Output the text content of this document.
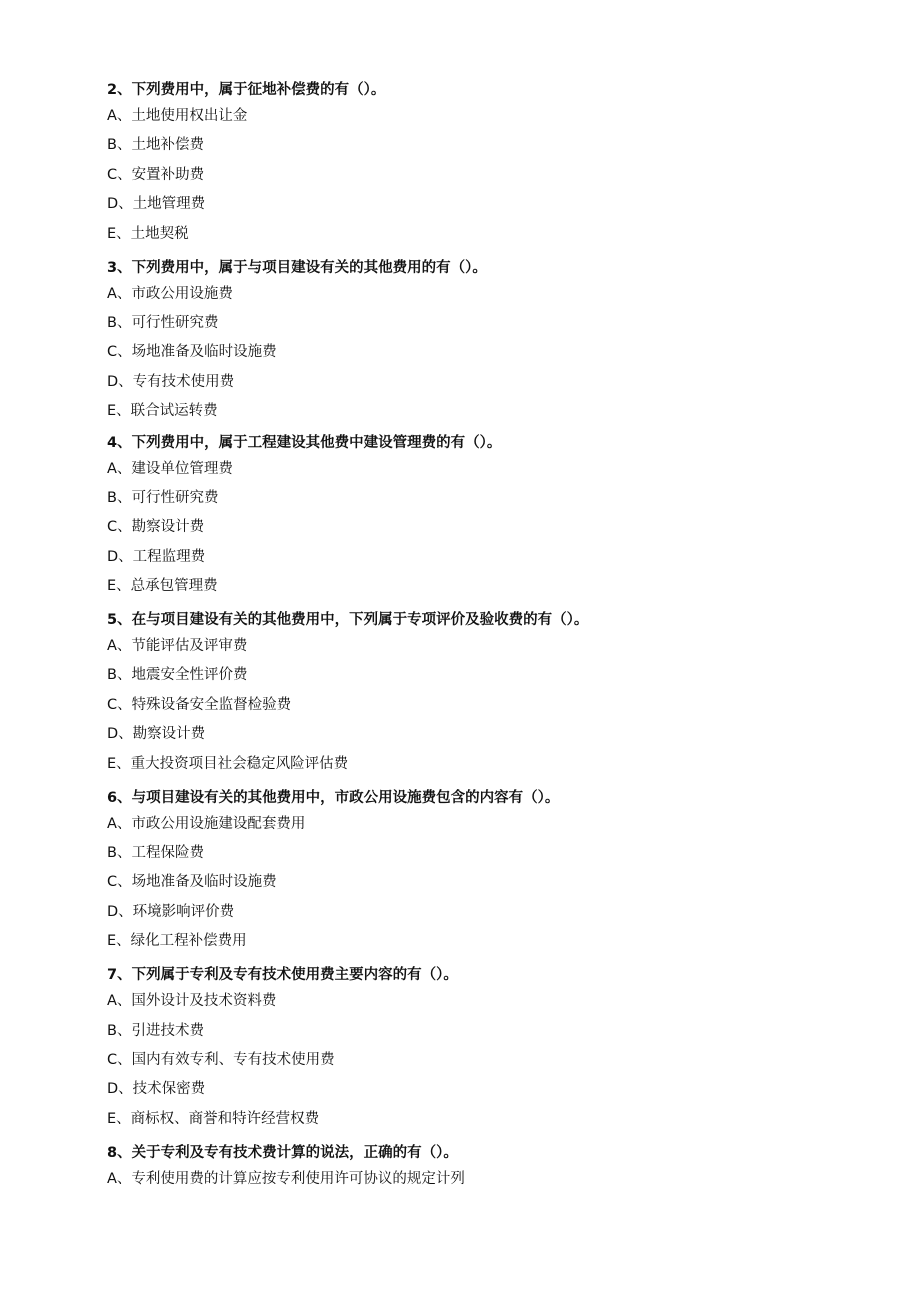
2、下列费用中，属于征地补偿费的有（）。
A、土地使用权出让金
B、土地补偿费
C、安置补助费
D、土地管理费
E、土地契税
3、下列费用中，属于与项目建设有关的其他费用的有（）。
A、市政公用设施费
B、可行性研究费
C、场地准备及临时设施费
D、专有技术使用费
E、联合试运转费
4、下列费用中，属于工程建设其他费中建设管理费的有（）。
A、建设单位管理费
B、可行性研究费
C、勘察设计费
D、工程监理费
E、总承包管理费
5、在与项目建设有关的其他费用中，下列属于专项评价及验收费的有（）。
A、节能评估及评审费
B、地震安全性评价费
C、特殊设备安全监督检验费
D、勘察设计费
E、重大投资项目社会稳定风险评估费
6、与项目建设有关的其他费用中，市政公用设施费包含的内容有（）。
A、市政公用设施建设配套费用
B、工程保险费
C、场地准备及临时设施费
D、环境影响评价费
E、绿化工程补偿费用
7、下列属于专利及专有技术使用费主要内容的有（）。
A、国外设计及技术资料费
B、引进技术费
C、国内有效专利、专有技术使用费
D、技术保密费
E、商标权、商誉和特许经营权费
8、关于专利及专有技术费计算的说法，正确的有（）。
A、专利使用费的计算应按专利使用许可协议的规定计列
